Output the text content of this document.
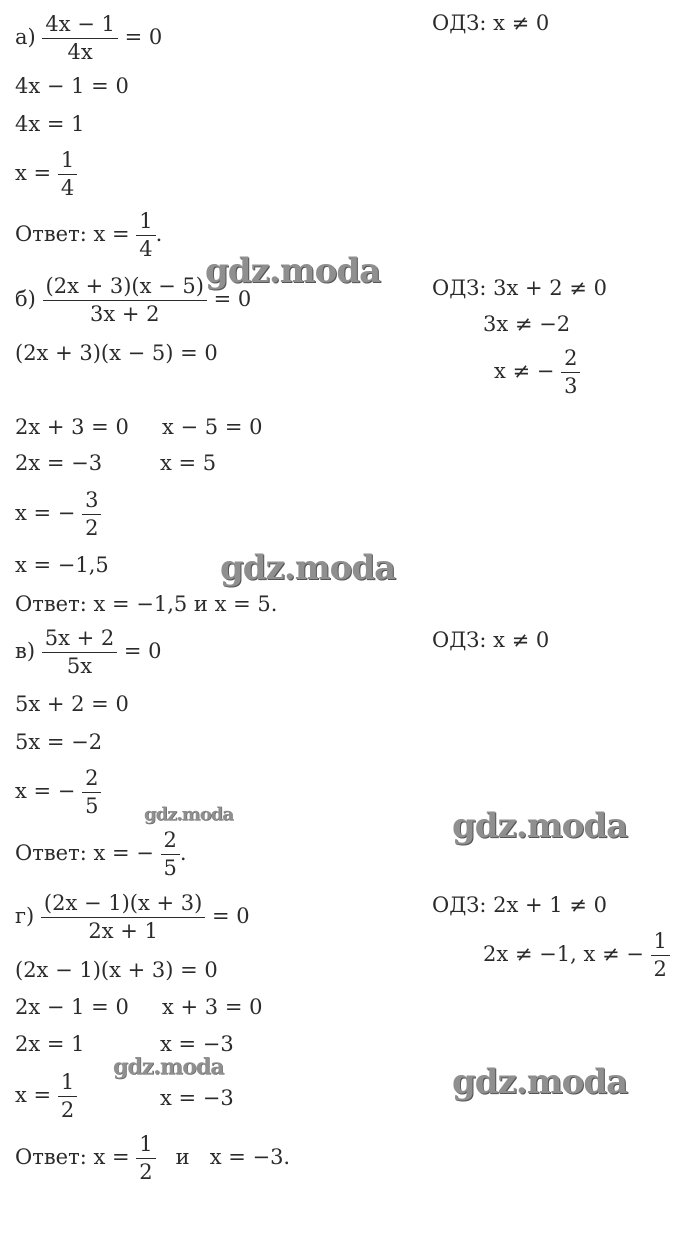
$а) \frac{4x - 1}{4x} = 0$
ОДЗ: x ≠ 0
4x − 1 = 0
4x = 1
$x = \frac{1}{4}$
Ответ: $x = \frac{1}{4}$ .
gdz.moda
$б) \frac{(2x + 3)(x - 5)}{3x + 2} = 0$	ОДЗ: 3x + 2 ≠ 0
3x ≠ −2
x ≠ − $\frac{2}{3}$
(2x + 3)(x − 5) = 0
2x + 3 = 0 x − 5 = 0
2x = −3	x = 5
x = − $\frac{3}{2}$
x = −1,5	gdz.moda
Ответ: x = −1,5 и x = 5.
$в) \frac{5x + 2}{5x} = 0$	ОДЗ: x ≠ 0
5x + 2 = 0
5x = −2
x = − $\frac{2}{5}$ gdz.moda	gdz.moda
Ответ: x = − $\frac{2}{5}$ .
$г) \frac{(2x - 1)(x + 3)}{2x + 1} = 0$	ОДЗ: 2x + 1 ≠ 0
2x ≠ −1, x ≠ − $\frac{1}{2}$
(2x − 1)(x + 3) = 0
2x − 1 = 0 x + 3 = 0
2x = 1	x = −3
gdz.moda
$x = \frac{1}{2}$	x = −3	gdz.moda
Ответ: $x = \frac{1}{2}$ и   x = −3.
